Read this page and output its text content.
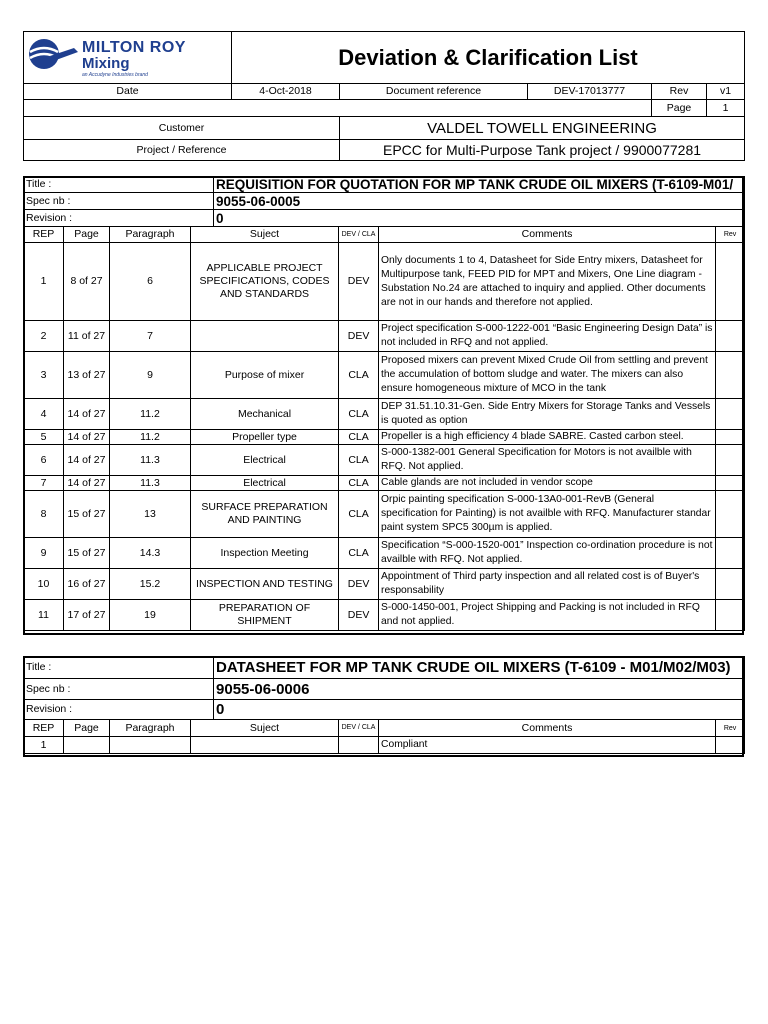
MILTON ROY
Mixing
an Accudyne Industries brand
	Deviation & Clarification List				
Date	4-Oct-2018	Document reference	DEV-17013777	Rev	v1
				Page	1
Customer		VALDEL TOWELL ENGINEERING			
Project / Reference		EPCC for Multi-Purpose Tank project / 9900077281			
Title :				REQUISITION FOR QUOTATION FOR MP TANK CRUDE OIL MIXERS (T-6109-M01/			
Spec nb :				9055-06-0005			
Revision :				0			
REP	Page	Paragraph	Suject		DEV / CLA	Comments	Rev
1	8 of 27	6	APPLICABLE PROJECT SPECIFICATIONS, CODES AND STANDARDS		DEV	Only documents 1 to 4, Datasheet for Side Entry mixers, Datasheet for Multipurpose tank, FEED PID for MPT and Mixers, One Line diagram -Substation No.24 are attached to inquiry and applied. Other documents are not in our hands and therefore not applied.	
2	11 of 27	7			DEV	Project specification S-000-1222-001 “Basic Engineering Design Data” is not included in RFQ and not applied.	
3	13 of 27	9	Purpose of mixer		CLA	Proposed mixers can prevent Mixed Crude Oil from settling and prevent the accumulation of bottom sludge and water. The mixers can also ensure homogeneous mixture of MCO in the tank	
4	14 of 27	11.2	Mechanical		CLA	DEP 31.51.10.31-Gen. Side Entry Mixers for Storage Tanks and Vessels is quoted as option	
5	14 of 27	11.2	Propeller type		CLA	Propeller is a high efficiency 4 blade SABRE. Casted carbon steel.	
6	14 of 27	11.3	Electrical		CLA	S-000-1382-001 General Specification for Motors is not availble with RFQ. Not applied.	
7	14 of 27	11.3	Electrical		CLA	Cable glands are not included in vendor scope	
8	15 of 27	13	SURFACE PREPARATION AND PAINTING		CLA	Orpic painting specification S-000-13A0-001-RevB (General specification for Painting) is not availble with RFQ. Manufacturer standar paint system SPC5 300µm is applied.	
9	15 of 27	14.3	Inspection Meeting		CLA	Specification “S-000-1520-001” Inspection co-ordination procedure is not availble with RFQ. Not applied.	
10	16 of 27	15.2	INSPECTION AND TESTING		DEV	Appointment of Third party inspection and all related cost is of Buyer's responsability	
11	17 of 27	19	PREPARATION OF SHIPMENT		DEV	S-000-1450-001, Project Shipping and Packing is not included in RFQ and not applied.	
Title :				DATASHEET FOR MP TANK CRUDE OIL MIXERS (T-6109 - M01/M02/M03)			
Spec nb :				9055-06-0006			
Revision :				0			
REP	Page	Paragraph	Suject		DEV / CLA	Comments	Rev
1						Compliant	
